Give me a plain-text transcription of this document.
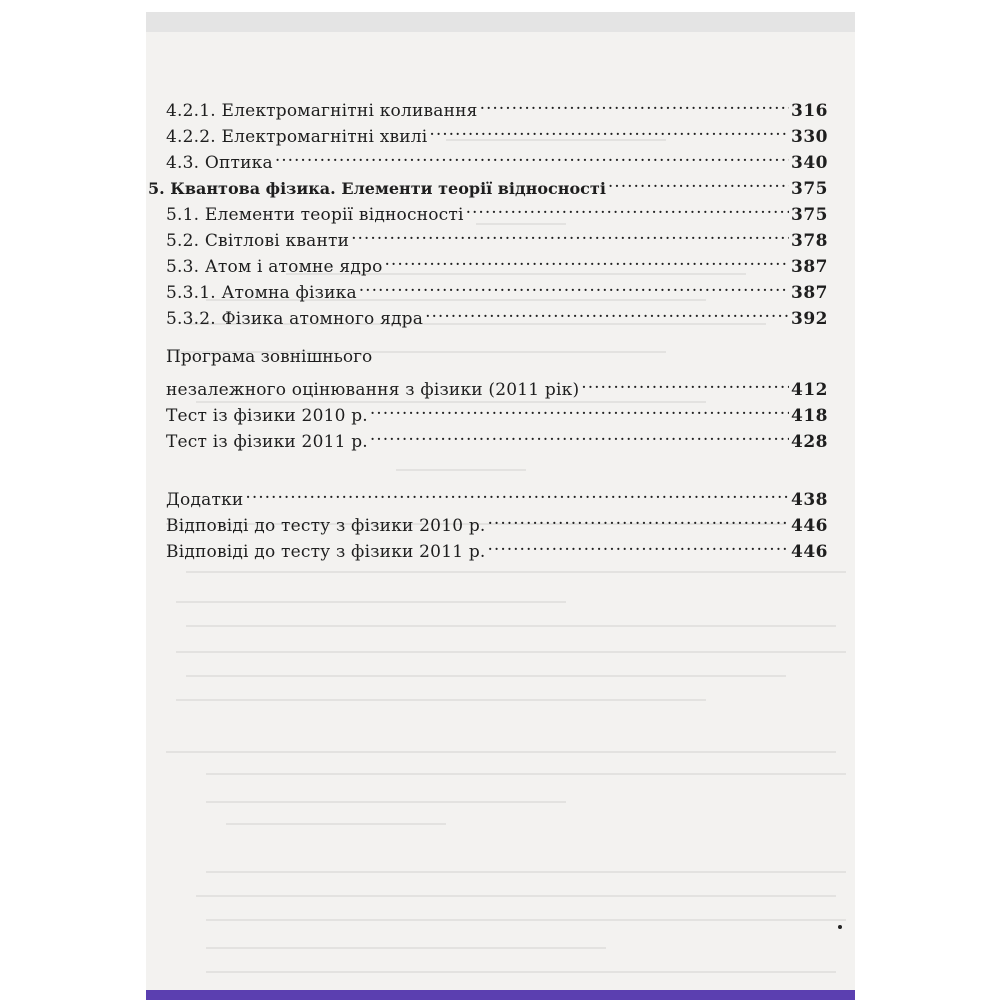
4.2.1. Електромагнітні коливання .....	316
4.2.2. Електромагнітні хвилі .....	330
4.3. Оптика .....	340
5. Квантова фізика. Елементи теорії відносності .....	375
5.1. Елементи теорії відносності .....	375
5.2. Світлові кванти .....	378
5.3. Атом і атомне ядро .....	387
5.3.1. Атомна фізика .....	387
5.3.2. Фізика атомного ядра .....	392
Програма зовнішнього
незалежного оцінювання з фізики (2011 рік) .....	412
Тест із фізики 2010 р. .....	418
Тест із фізики 2011 р. .....	428
Додатки .....	438
Відповіді до тесту з фізики 2010 р. .....	446
Відповіді до тесту з фізики 2011 р. .....	446
